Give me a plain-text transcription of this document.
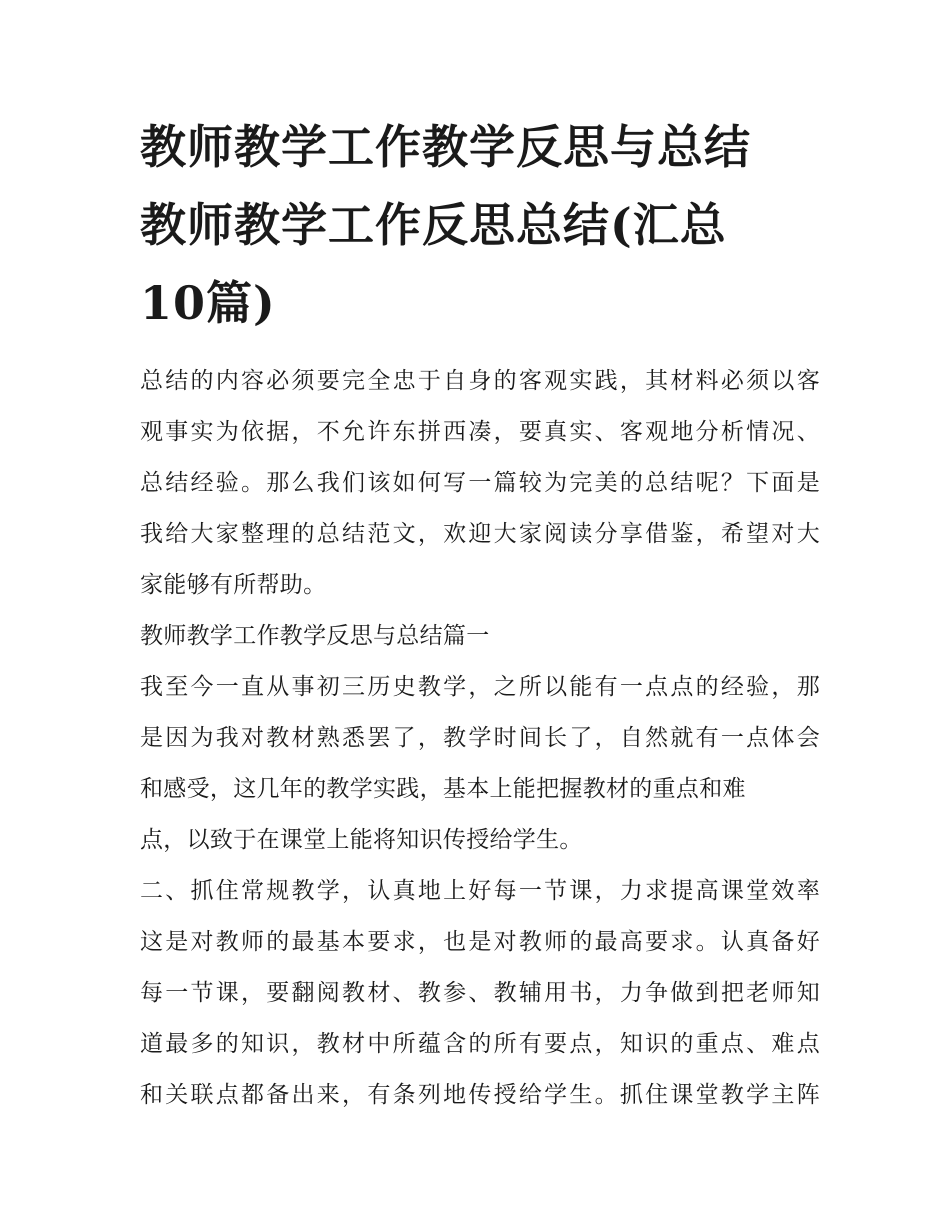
教师教学工作教学反思与总结
教师教学工作反思总结(汇总
10篇)
总结的内容必须要完全忠于自身的客观实践，其材料必须以客
观事实为依据，不允许东拼西凑，要真实、客观地分析情况、
总结经验。那么我们该如何写一篇较为完美的总结呢？下面是
我给大家整理的总结范文，欢迎大家阅读分享借鉴，希望对大
家能够有所帮助。
教师教学工作教学反思与总结篇一
我至今一直从事初三历史教学，之所以能有一点点的经验，那
是因为我对教材熟悉罢了，教学时间长了，自然就有一点体会
和感受，这几年的教学实践，基本上能把握教材的重点和难
点，以致于在课堂上能将知识传授给学生。
二、抓住常规教学，认真地上好每一节课，力求提高课堂效率
这是对教师的最基本要求，也是对教师的最高要求。认真备好
每一节课，要翻阅教材、教参、教辅用书，力争做到把老师知
道最多的知识，教材中所蕴含的所有要点，知识的重点、难点
和关联点都备出来，有条列地传授给学生。抓住课堂教学主阵
